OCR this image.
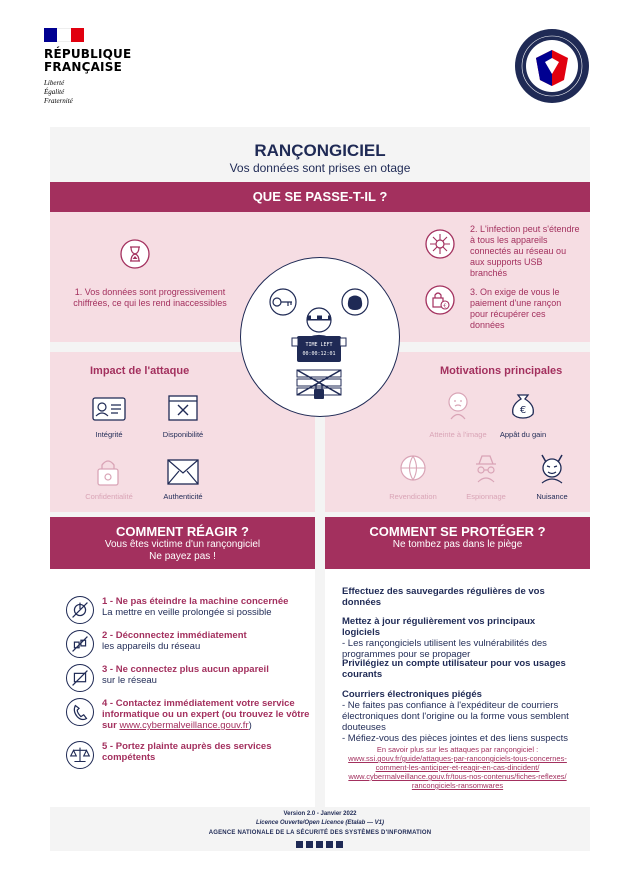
RÉPUBLIQUE
FRANÇAISE
Liberté
Égalité
Fraternité
RANÇONGICIEL
Vos données sont prises en otage
QUE SE PASSE-T-IL ?
€
1. Vos données sont progressivement chiffrées, ce qui les rend inaccessibles
2. L'infection peut s'étendre à tous les appareils connectés au réseau ou aux supports USB branchés
3. On exige de vous le paiement d'une rançon pour récupérer ces données
TIME LEFT
00:00:12:01
Impact de l'attaque
Intégrité	Disponibilité
Confidentialité	Authenticité
Motivations principales
Atteinte à l'image
€
Appât du gain
Revendication	Espionnage	Nuisance
COMMENT RÉAGIR ?
Vous êtes victime d'un rançongiciel
Ne payez pas !
1 - Ne pas éteindre la machine concernée
La mettre en veille prolongée si possible
2 - Déconnectez immédiatement
les appareils du réseau
3 - Ne connectez plus aucun appareil
sur le réseau
4 - Contactez immédiatement votre service informatique ou un expert (ou trouvez le vôtre sur www.cybermalveillance.gouv.fr)
5 - Portez plainte auprès des services compétents
COMMENT SE PROTÉGER ?
Ne tombez pas dans le piège
Effectuez des sauvegardes régulières de vos données
Mettez à jour régulièrement vos principaux logiciels
- Les rançongiciels utilisent les vulnérabilités des programmes pour se propager
Privilégiez un compte utilisateur pour vos usages courants
Courriers électroniques piégés
- Ne faites pas confiance à l'expéditeur de courriers électroniques dont l'origine ou la forme vous semblent douteuses
- Méfiez-vous des pièces jointes et des liens suspects
En savoir plus sur les attaques par rançongiciel :
www.ssi.gouv.fr/guide/attaques-par-rancongiciels-tous-concernes-
comment-les-anticiper-et-reagir-en-cas-dincident/
www.cybermalveillance.gouv.fr/tous-nos-contenus/fiches-reflexes/
rancongiciels-ransomwares
Version 2.0 - Janvier 2022
Licence Ouverte/Open Licence (Etalab — V1)
AGENCE NATIONALE DE LA SÉCURITÉ DES SYSTÈMES D'INFORMATION
